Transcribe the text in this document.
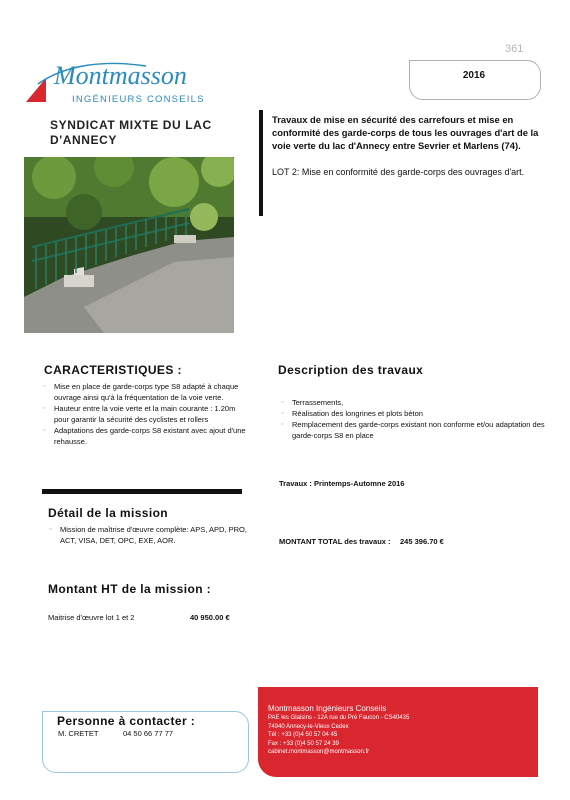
361
2016
Montmasson
INGÉNIEURS CONSEILS
SYNDICAT MIXTE DU LAC D'ANNECY
Travaux de mise en sécurité des carrefours et mise en conformité des garde-corps de tous les ouvrages d'art de la voie verte du lac d'Annecy entre Sevrier et Marlens (74).
LOT 2: Mise en conformité des garde-corps des ouvrages d'art.
CARACTERISTIQUES :
▫ Mise en place de garde-corps type S8 adapté à chaque ouvrage ainsi qu'à la fréquentation de la voie verte.
▫ Hauteur entre la voie verte et la main courante : 1.20m pour garantir la sécurité des cyclistes et rollers
▫ Adaptations des garde-corps S8 existant avec ajout d'une rehausse.
Détail de la mission
▫ Mission de maîtrise d'œuvre complète: APS, APD, PRO, ACT, VISA, DET, OPC, EXE, AOR.
Montant HT de la mission :
Maitrise d'œuvre lot 1 et 2	40 950.00 €
Description des travaux
▫ Terrassements,
▫ Réalisation des longrines et plots béton
▫ Remplacement des garde-corps existant non conforme et/ou adaptation des garde-corps S8 en place
Travaux : Printemps-Automne 2016
MONTANT TOTAL des travaux : 245 396.70 €
Personne à contacter :
M. CRETET	04 50 66 77 77
Montmasson Ingénieurs Conseils
PAE les Glaisins - 12A rue du Pré Faucon - CS40435
74940 Annecy-le-Vieux Cedex
Tél : +33 (0)4 50 57 04 45
Fax : +33 (0)4 50 57 24 39
cabinet.montmasson@montmasson.fr
